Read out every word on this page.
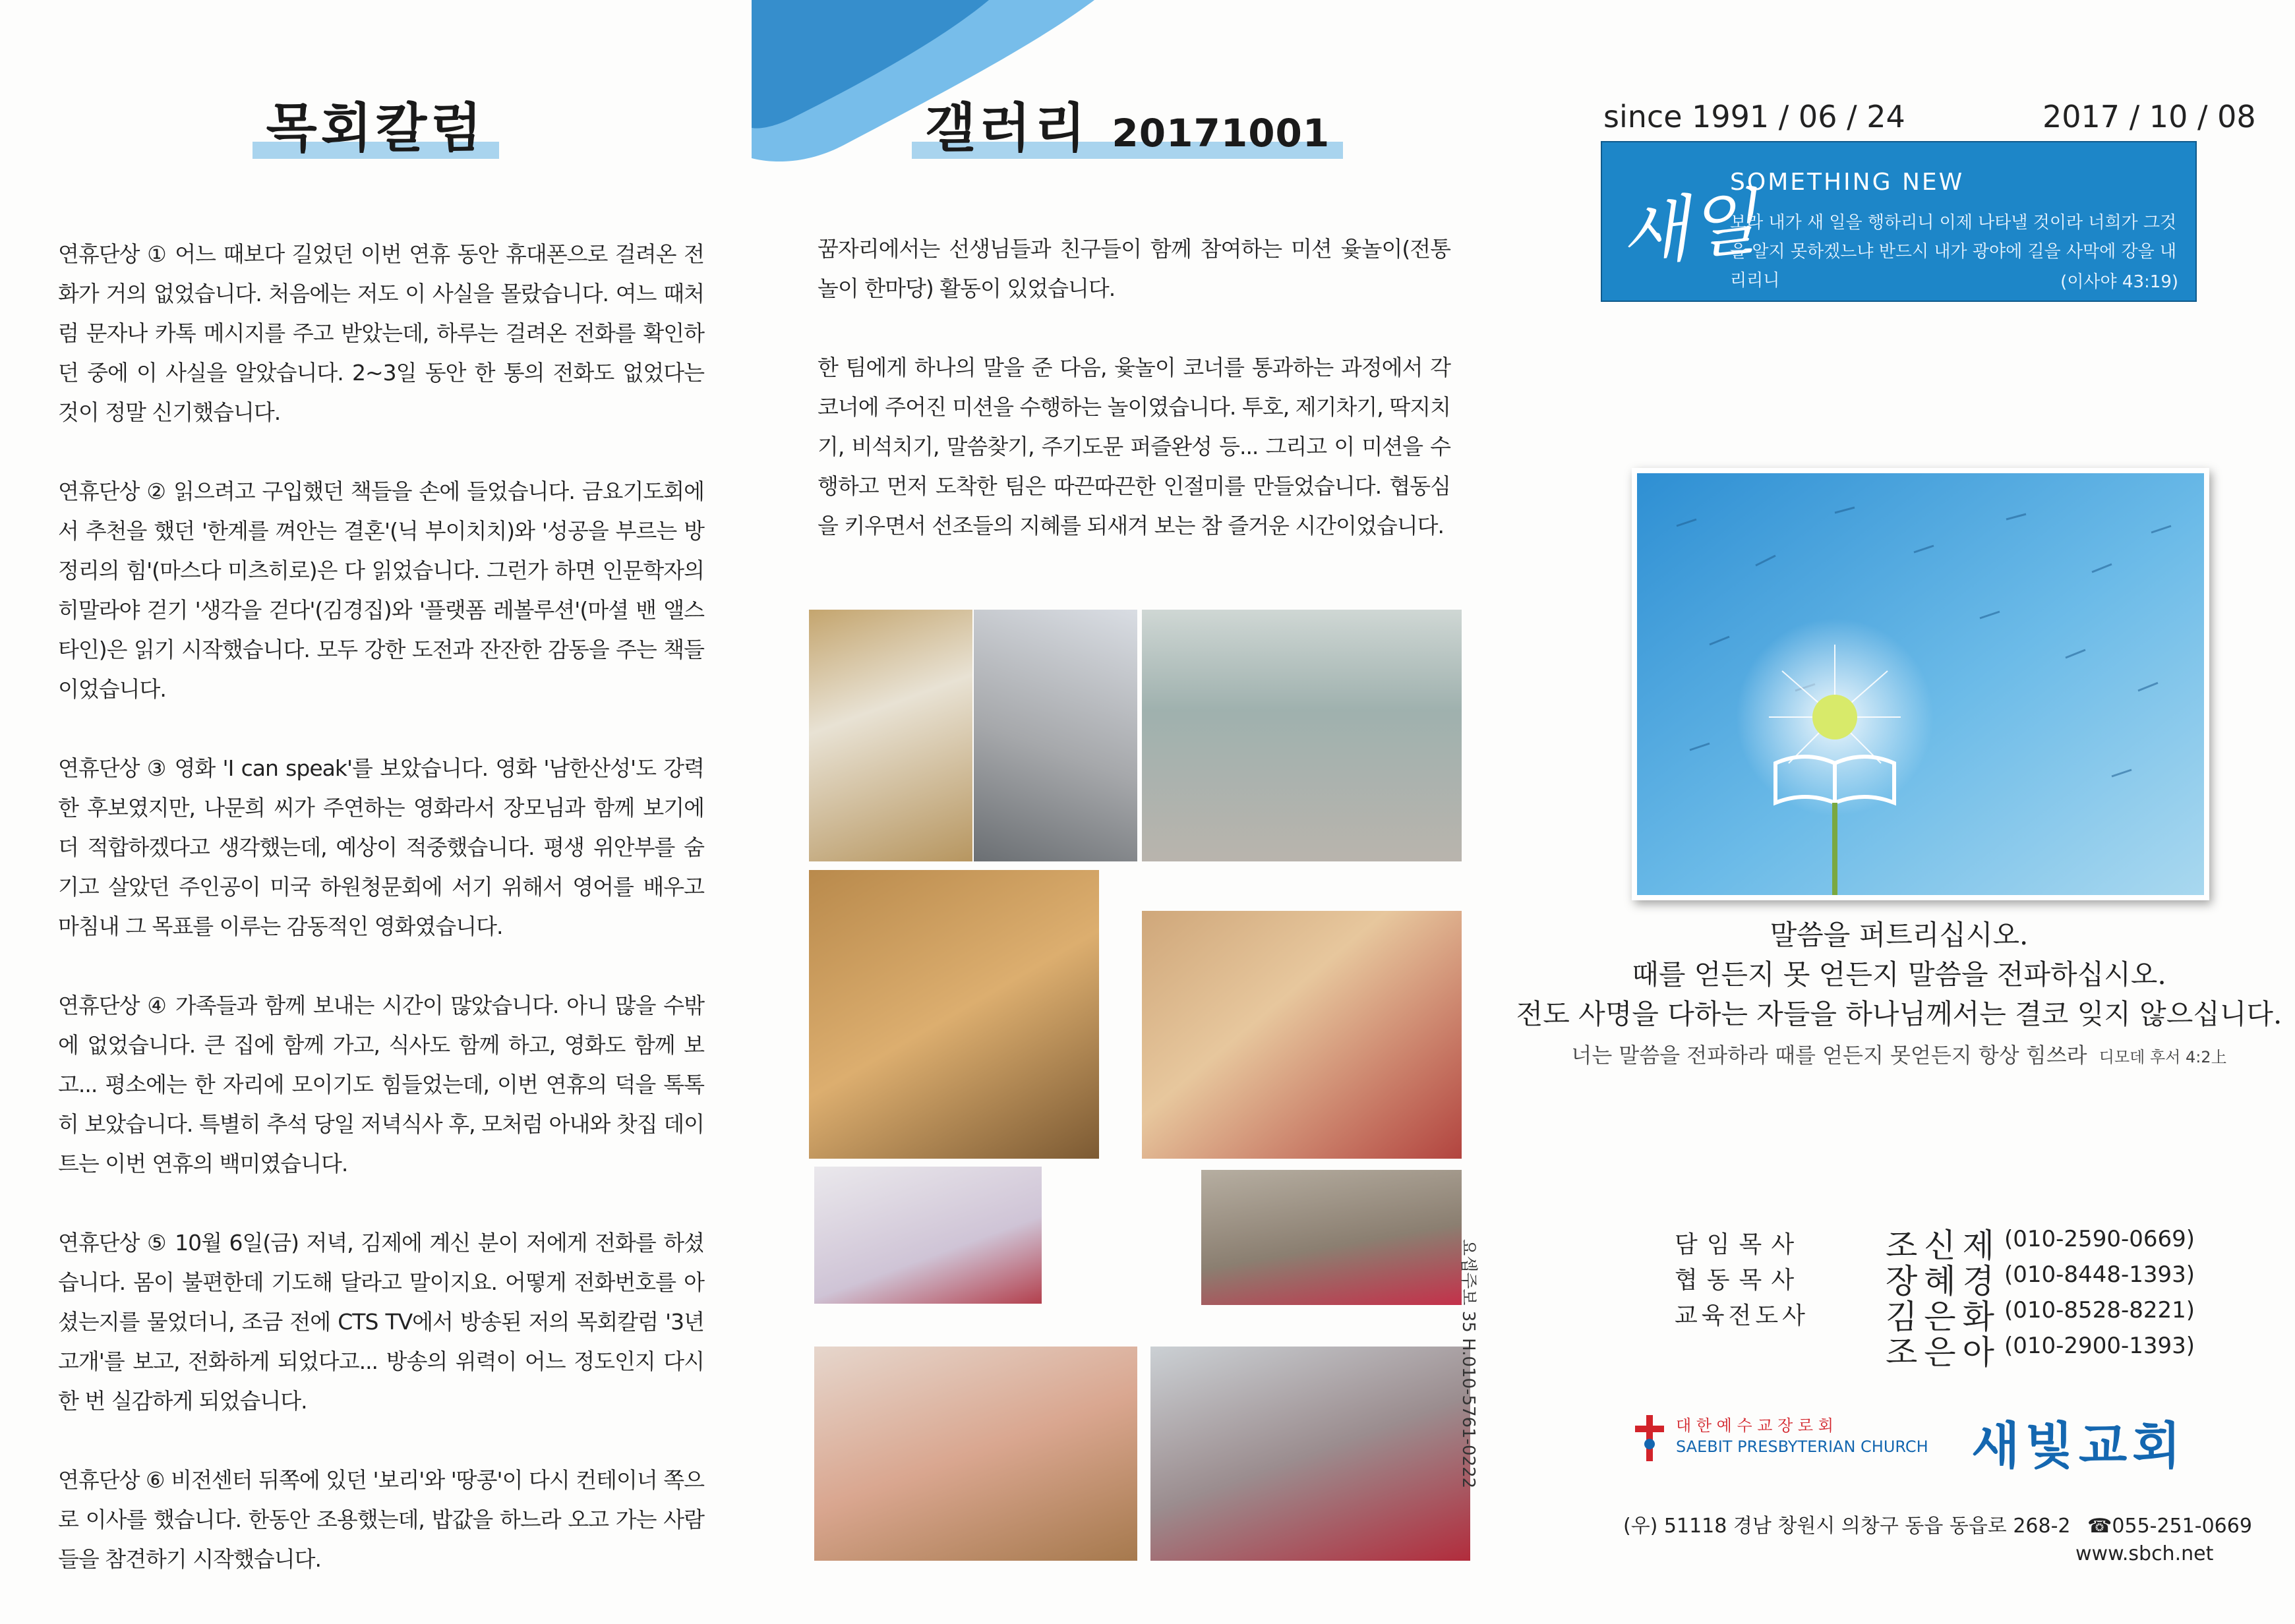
목회칼럼

연휴단상 ① 어느 때보다 길었던 이번 연휴 동안 휴대폰으로 걸려온 전화가 거의 없었습니다. 처음에는 저도 이 사실을 몰랐습니다. 여느 때처럼 문자나 카톡 메시지를 주고 받았는데, 하루는 걸려온 전화를 확인하던 중에 이 사실을 알았습니다. 2~3일 동안 한 통의 전화도 없었다는 것이 정말 신기했습니다.

연휴단상 ② 읽으려고 구입했던 책들을 손에 들었습니다. 금요기도회에서 추천을 했던 '한계를 껴안는 결혼'(닉 부이치치)와 '성공을 부르는 방 정리의 힘'(마스다 미츠히로)은 다 읽었습니다. 그런가 하면 인문학자의 히말라야 걷기 '생각을 걷다'(김경집)와 '플랫폼 레볼루션'(마셜 밴 앨스타인)은 읽기 시작했습니다. 모두 강한 도전과 잔잔한 감동을 주는 책들이었습니다.

연휴단상 ③ 영화 'I can speak'를 보았습니다. 영화 '남한산성'도 강력한 후보였지만, 나문희 씨가 주연하는 영화라서 장모님과 함께 보기에 더 적합하겠다고 생각했는데, 예상이 적중했습니다. 평생 위안부를 숨기고 살았던 주인공이 미국 하원청문회에 서기 위해서 영어를 배우고 마침내 그 목표를 이루는 감동적인 영화였습니다.

연휴단상 ④ 가족들과 함께 보내는 시간이 많았습니다. 아니 많을 수밖에 없었습니다. 큰 집에 함께 가고, 식사도 함께 하고, 영화도 함께 보고... 평소에는 한 자리에 모이기도 힘들었는데, 이번 연휴의 덕을 톡톡히 보았습니다. 특별히 추석 당일 저녁식사 후, 모처럼 아내와 찻집 데이트는 이번 연휴의 백미였습니다.

연휴단상 ⑤ 10월 6일(금) 저녁, 김제에 계신 분이 저에게 전화를 하셨습니다. 몸이 불편한데 기도해 달라고 말이지요. 어떻게 전화번호를 아셨는지를 물었더니, 조금 전에 CTS TV에서 방송된 저의 목회칼럼 '3년 고개'를 보고, 전화하게 되었다고... 방송의 위력이 어느 정도인지 다시 한 번 실감하게 되었습니다.

연휴단상 ⑥ 비전센터 뒤쪽에 있던 '보리'와 '땅콩'이 다시 컨테이너 쪽으로 이사를 했습니다. 한동안 조용했는데, 밥값을 하느라 오고 가는 사람들을 참견하기 시작했습니다.

갤러리 20171001

꿈자리에서는 선생님들과 친구들이 함께 참여하는 미션 윷놀이(전통놀이 한마당) 활동이 있었습니다.

한 팀에게 하나의 말을 준 다음, 윷놀이 코너를 통과하는 과정에서 각 코너에 주어진 미션을 수행하는 놀이였습니다. 투호, 제기차기, 딱지치기, 비석치기, 말씀찾기, 주기도문 퍼즐완성 등... 그리고 이 미션을 수행하고 먼저 도착한 팀은 따끈따끈한 인절미를 만들었습니다. 협동심을 키우면서 선조들의 지혜를 되새겨 보는 참 즐거운 시간이었습니다.

요셉주보 35 H.010-5761-0222
since 1991 / 06 / 24	2017 / 10 / 08
새일
SOMETHING NEW
보라 내가 새 일을 행하리니 이제 나타낼 것이라 너희가 그것을 알지 못하겠느냐 반드시 내가 광야에 길을 사막에 강을 내리리니	(이사야 43:19)
말씀을 퍼트리십시오.
때를 얻든지 못 얻든지 말씀을 전파하십시오.
전도 사명을 다하는 자들을 하나님께서는 결코 잊지 않으십니다.
너는 말씀을 전파하라 때를 얻든지 못얻든지 항상 힘쓰라 디모데 후서 4:2上
담임목사	조신제 (010-2590-0669)
협동목사	장혜경 (010-8448-1393)
교육전도사	김은화 (010-8528-8221)
조은아 (010-2900-1393)
대 한 예 수 교 장 로 회
SAEBIT PRESBYTERIAN CHURCH 새빛교회
(우) 51118 경남 창원시 의창구 동읍 동읍로 268-2 ☎055-251-0669
www.sbch.net
